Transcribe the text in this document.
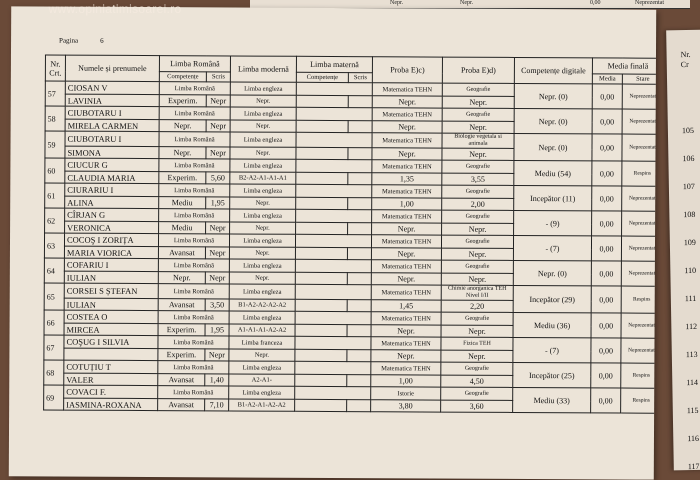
www.opiniatimisoarei.ro	Nepr.	Nepr.	0,00	Neprezentat
Nr.
Cr
105
106
107
108
109
110
111
112
113
114
115
116
117
Pagina	6
Nr. Crt.	Numele și prenumele	Limba Română		Limba modernă	Limba maternă		Proba E)c)	Proba E)d)	Competențe digitale	Media finală	
		Competențe	Scris		Competențe	Scris				Media	Stare
57	CIOSAN V	Limba Română		Limba engleza			Matematica TEHN	Geografie	Nepr. (0)	0,00	Neprezentat
	LAVINIA	Experim.	Nepr	Nepr.			Nepr.	Nepr.			
58	CIUBOTARU I	Limba Română		Limba engleza			Matematica TEHN	Geografie	Nepr. (0)	0,00	Neprezentat
	MIRELA CARMEN	Nepr.	Nepr	Nepr.			Nepr.	Nepr.			
59	CIUBOTARU I	Limba Română		Limba engleza			Matematica TEHN	Biologie vegetala si animala	Nepr. (0)	0,00	Neprezentat
	SIMONA	Nepr.	Nepr	Nepr.			Nepr.	Nepr.			
60	CIUCUR G	Limba Română		Limba engleza			Matematica TEHN	Geografie	Mediu (54)	0,00	Respins
	CLAUDIA MARIA	Experim.	5,60	B2-A2-A1-A1-A1			1,35	3,55			
61	CIURARIU I	Limba Română		Limba engleza			Matematica TEHN	Geografie	Incepător (11)	0,00	Neprezentat
	ALINA	Mediu	1,95	Nepr.			1,00	2,00			
62	CÎRJAN G	Limba Română		Limba engleza			Matematica TEHN	Geografie	- (9)	0,00	Neprezentat
	VERONICA	Mediu	Nepr	Nepr.			Nepr.	Nepr.			
63	COCOŞ I ZORIȚA	Limba Română		Limba engleza			Matematica TEHN	Geografie	- (7)	0,00	Neprezentat
	MARIA VIORICA	Avansat	Nepr	Nepr.			Nepr.	Nepr.			
64	COFARIU I	Limba Română		Limba engleza			Matematica TEHN	Geografie	Nepr. (0)	0,00	Neprezentat
	IULIAN	Nepr.	Nepr	Nepr.			Nepr.	Nepr.			
65	CORSEI S ȘTEFAN	Limba Română		Limba engleza			Matematica TEHN	Chimie anorganica TEH Nivel I/II	Incepător (29)	0,00	Respins
	IULIAN	Avansat	3,50	B1-A2-A2-A2-A2			1,45	2,20			
66	COSTEA O	Limba Română		Limba engleza			Matematica TEHN	Geografie	Mediu (36)	0,00	Neprezentat
	MIRCEA	Experim.	1,95	A1-A1-A1-A2-A2			Nepr.	Nepr.			
67	COŞUG I SILVIA	Limba Română		Limba franceza			Matematica TEHN	Fizica TEH	- (7)	0,00	Neprezentat
		Experim.	Nepr	Nepr.			Nepr.	Nepr.			
68	COTUȚIU T	Limba Română		Limba engleza			Matematica TEHN	Geografie	Incepător (25)	0,00	Respins
	VALER	Avansat	1,40	A2-A1-			1,00	4,50			
69	COVACI F.	Limba Română		Limba engleza			Istorie	Geografie	Mediu (33)	0,00	Respins
	IASMINA-ROXANA	Avansat	7,10	B1-A2-A1-A2-A2			3,80	3,60			
